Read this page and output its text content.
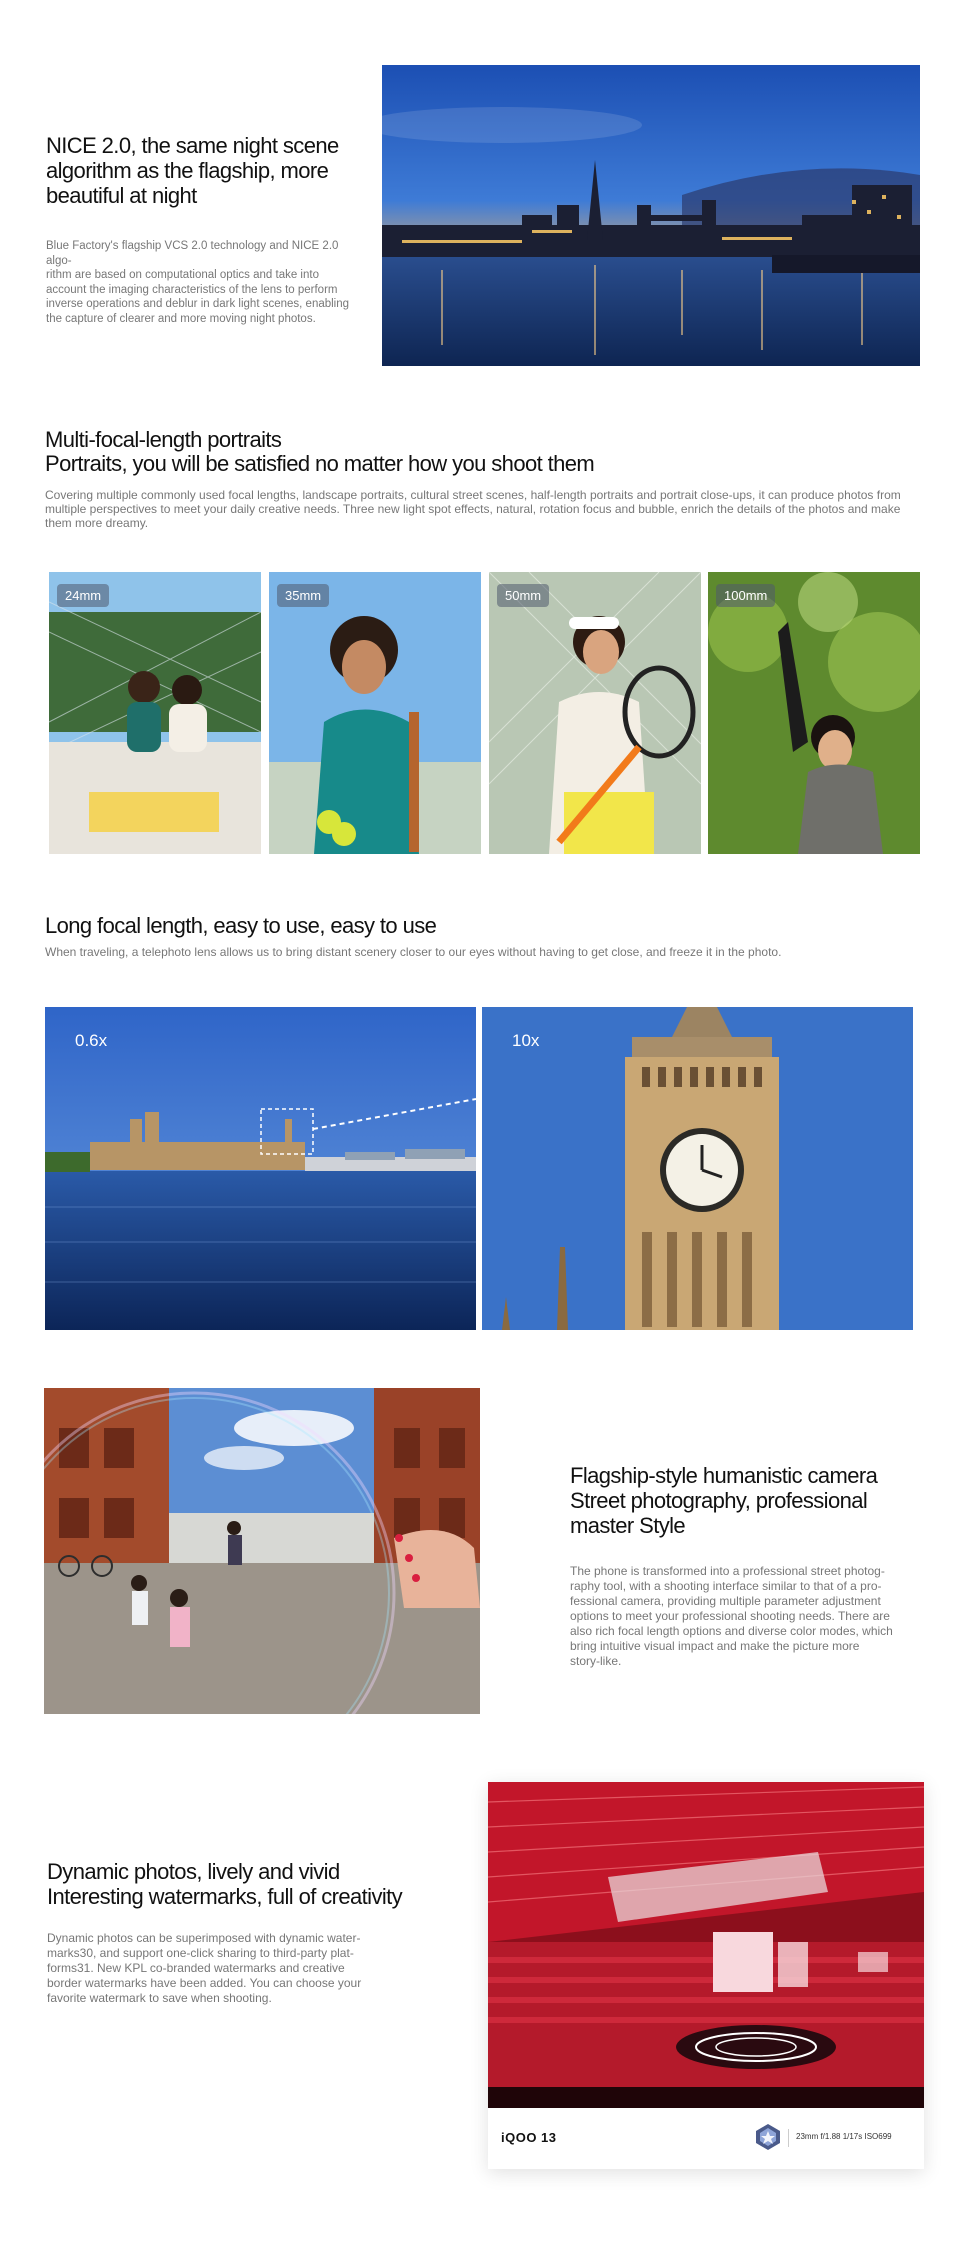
NICE 2.0, the same night scene
algorithm as the flagship, more
beautiful at night

Blue Factory's flagship VCS 2.0 technology and NICE 2.0 algo-
rithm are based on computational optics and take into
account the imaging characteristics of the lens to perform
inverse operations and deblur in dark light scenes, enabling
the capture of clearer and more moving night photos.

Multi-focal-length portraits
Portraits, you will be satisfied no matter how you shoot them

Covering multiple commonly used focal lengths, landscape portraits, cultural street scenes, half-length portraits and portrait close-ups, it can produce photos from multiple perspectives to meet your daily creative needs. Three new light spot effects, natural, rotation focus and bubble, enrich the details of the photos and make them more dreamy.

24mm	35mm	50mm	100mm
Long focal length, easy to use, easy to use

When traveling, a telephoto lens allows us to bring distant scenery closer to our eyes without having to get close, and freeze it in the photo.

0.6x	10x
Flagship-style humanistic camera
Street photography, professional
master Style

The phone is transformed into a professional street photog-
raphy tool, with a shooting interface similar to that of a pro-
fessional camera, providing multiple parameter adjustment
options to meet your professional shooting needs. There are
also rich focal length options and diverse color modes, which
bring intuitive visual impact and make the picture more
story-like.

Dynamic photos, lively and vivid
Interesting watermarks, full of creativity

Dynamic photos can be superimposed with dynamic water-
marks30, and support one-click sharing to third-party plat-
forms31. New KPL co-branded watermarks and creative
border watermarks have been added. You can choose your
favorite watermark to save when shooting.

iQOO 13	23mm f/1.88 1/17s ISO699
